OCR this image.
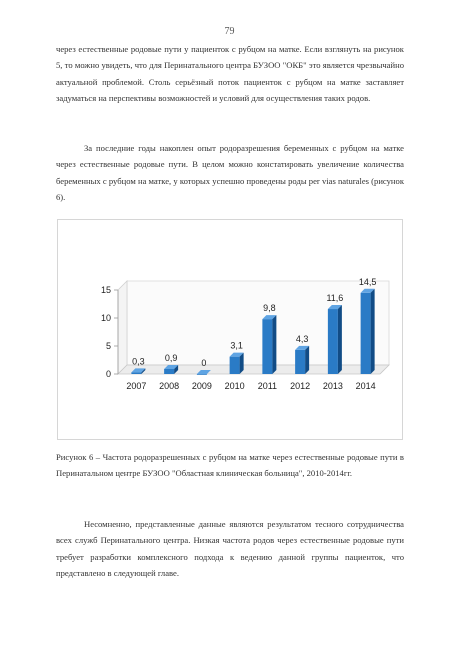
79

через естественные родовые пути у пациенток с рубцом на матке. Если взглянуть на рисунок 5, то можно увидеть, что для Перинатального центра БУЗОО "ОКБ" это является чрезвычайно актуальной проблемой. Столь серьёзный поток пациенток с рубцом на матке заставляет задуматься на перспективы возможностей и условий для осуществления таких родов.

За последние годы накоплен опыт родоразрешения беременных с рубцом на матке через естественные родовые пути. В целом можно констатировать увеличение количества беременных с рубцом на матке, у которых успешно проведены роды per vias naturales (рисунок 6).

0
5
10
15
0,3
2007
0,9
2008
0
2009
3,1
2010
9,8
2011
4,3
2012
11,6
2013
14,5
2014

Рисунок 6 – Частота родоразрешенных с рубцом на матке через естественные родовые пути в Перинатальном центре БУЗОО "Областная клиническая больница", 2010-2014гг.

Несомненно, представленные данные являются результатом тесного сотрудничества всех служб Перинатального центра. Низкая частота родов через естественные родовые пути требует разработки комплексного подхода к ведению данной группы пациенток, что представлено в следующей главе.
